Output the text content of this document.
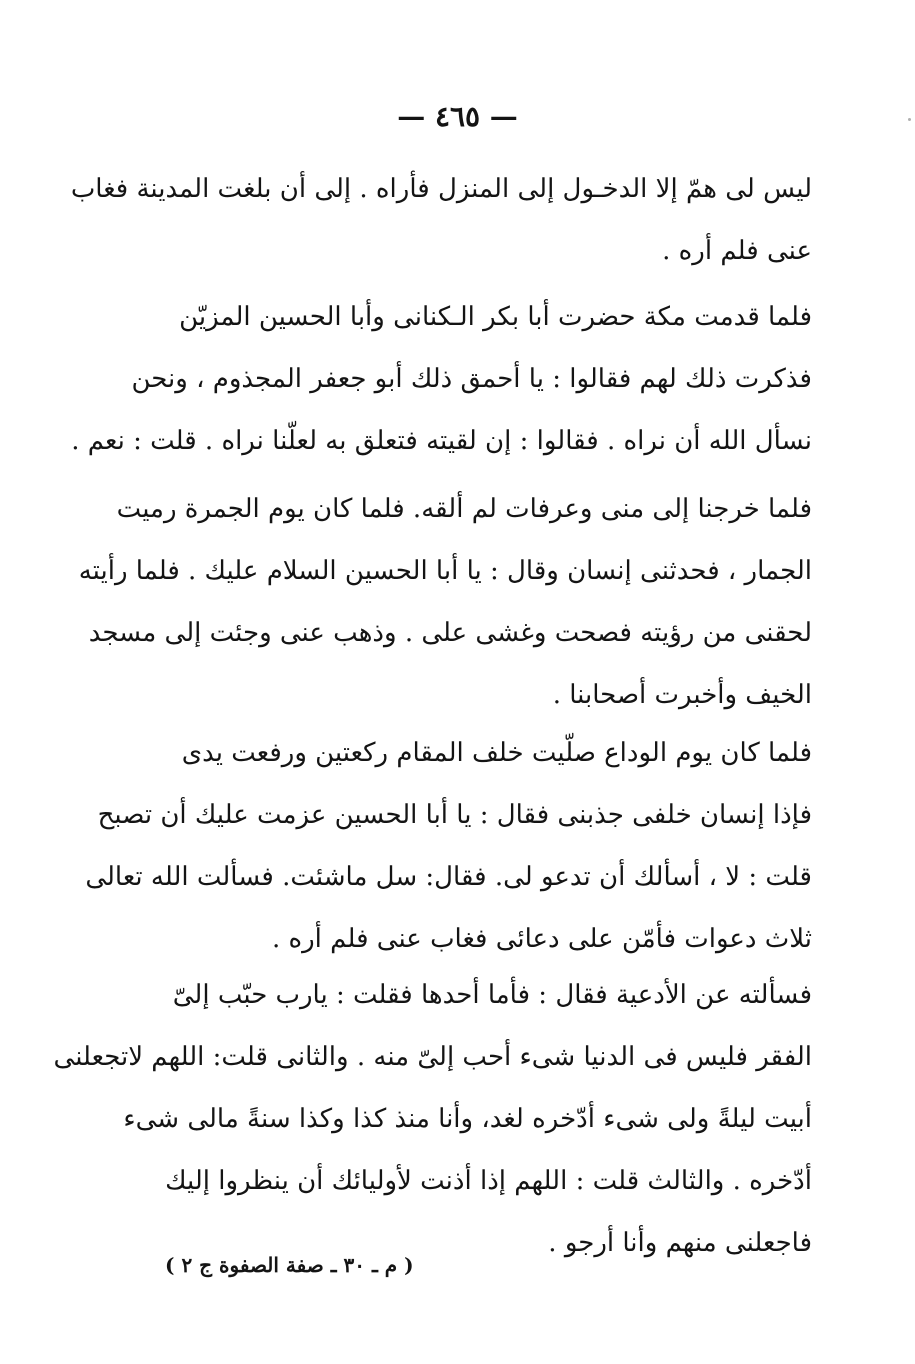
— ٤٦٥ —
ليس لى همّ إلا الدخـول إلى المنزل فأراه . إلى أن بلغت المدينة فغاب
عنى فلم أره .
فلما قدمت مكة حضرت أبا بكر الـكنانى وأبا الحسين المزيّن
فذكرت ذلك لهم فقالوا : يا أحمق ذلك أبو جعفر المجذوم ، ونحن
نسأل الله أن نراه . فقالوا : إن لقيته فتعلق به لعلّنا نراه . قلت : نعم .
فلما خرجنا إلى منى وعرفات لم ألقه. فلما كان يوم الجمرة رميت
الجمار ، فحدثنى إنسان وقال : يا أبا الحسين السلام عليك . فلما رأيته
لحقنى من رؤيته فصحت وغشى على . وذهب عنى وجئت إلى مسجد
الخيف وأخبرت أصحابنا .
فلما كان يوم الوداع صلّيت خلف المقام ركعتين ورفعت يدى
فإذا إنسان خلفى جذبنى فقال : يا أبا الحسين عزمت عليك أن تصبح
قلت : لا ، أسألك أن تدعو لى. فقال: سل ماشئت. فسألت الله تعالى
ثلاث دعوات فأمّن على دعائى فغاب عنى فلم أره .
فسألته عن الأدعية فقال : فأما أحدها فقلت : يارب حبّب إلىّ
الفقر فليس فى الدنيا شىء أحب إلىّ منه . والثانى قلت: اللهم لاتجعلنى
أبيت ليلةً ولى شىء أدّخره لغد، وأنا منذ كذا وكذا سنةً مالى شىء
أدّخره . والثالث قلت : اللهم إذا أذنت لأوليائك أن ينظروا إليك
فاجعلنى منهم وأنا أرجو .
( م ـ ٣٠ ـ صفة الصفوة ج ٢ )
